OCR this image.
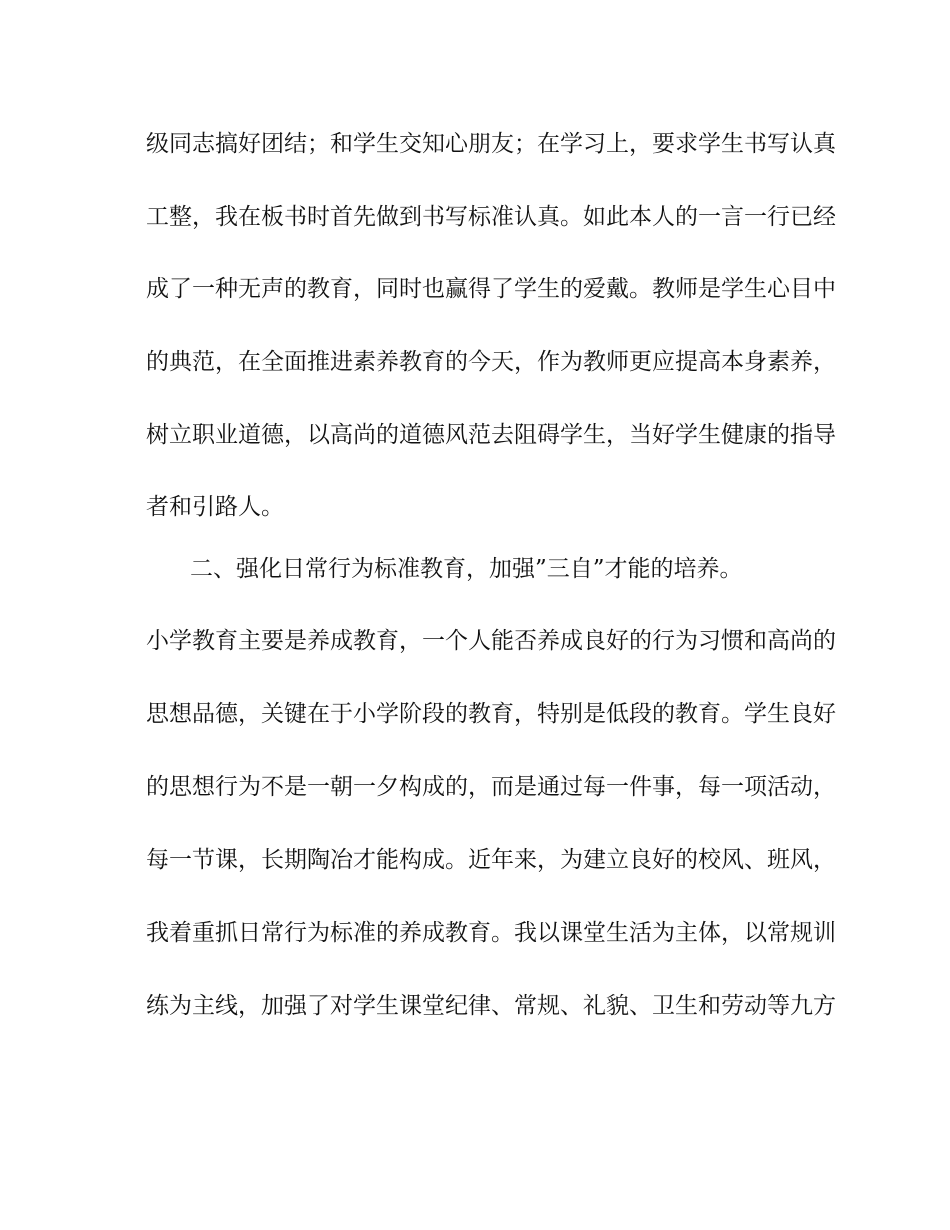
级同志搞好团结；和学生交知心朋友；在学习上，要求学生书写认真
工整，我在板书时首先做到书写标准认真。如此本人的一言一行已经
成了一种无声的教育，同时也赢得了学生的爱戴。教师是学生心目中
的典范，在全面推进素养教育的今天，作为教师更应提高本身素养，
树立职业道德，以高尚的道德风范去阻碍学生，当好学生健康的指导
者和引路人。
二、强化日常行为标准教育，加强”三自”才能的培养。
小学教育主要是养成教育，一个人能否养成良好的行为习惯和高尚的
思想品德，关键在于小学阶段的教育，特别是低段的教育。学生良好
的思想行为不是一朝一夕构成的，而是通过每一件事，每一项活动，
每一节课，长期陶冶才能构成。近年来，为建立良好的校风、班风，
我着重抓日常行为标准的养成教育。我以课堂生活为主体，以常规训
练为主线，加强了对学生课堂纪律、常规、礼貌、卫生和劳动等九方
